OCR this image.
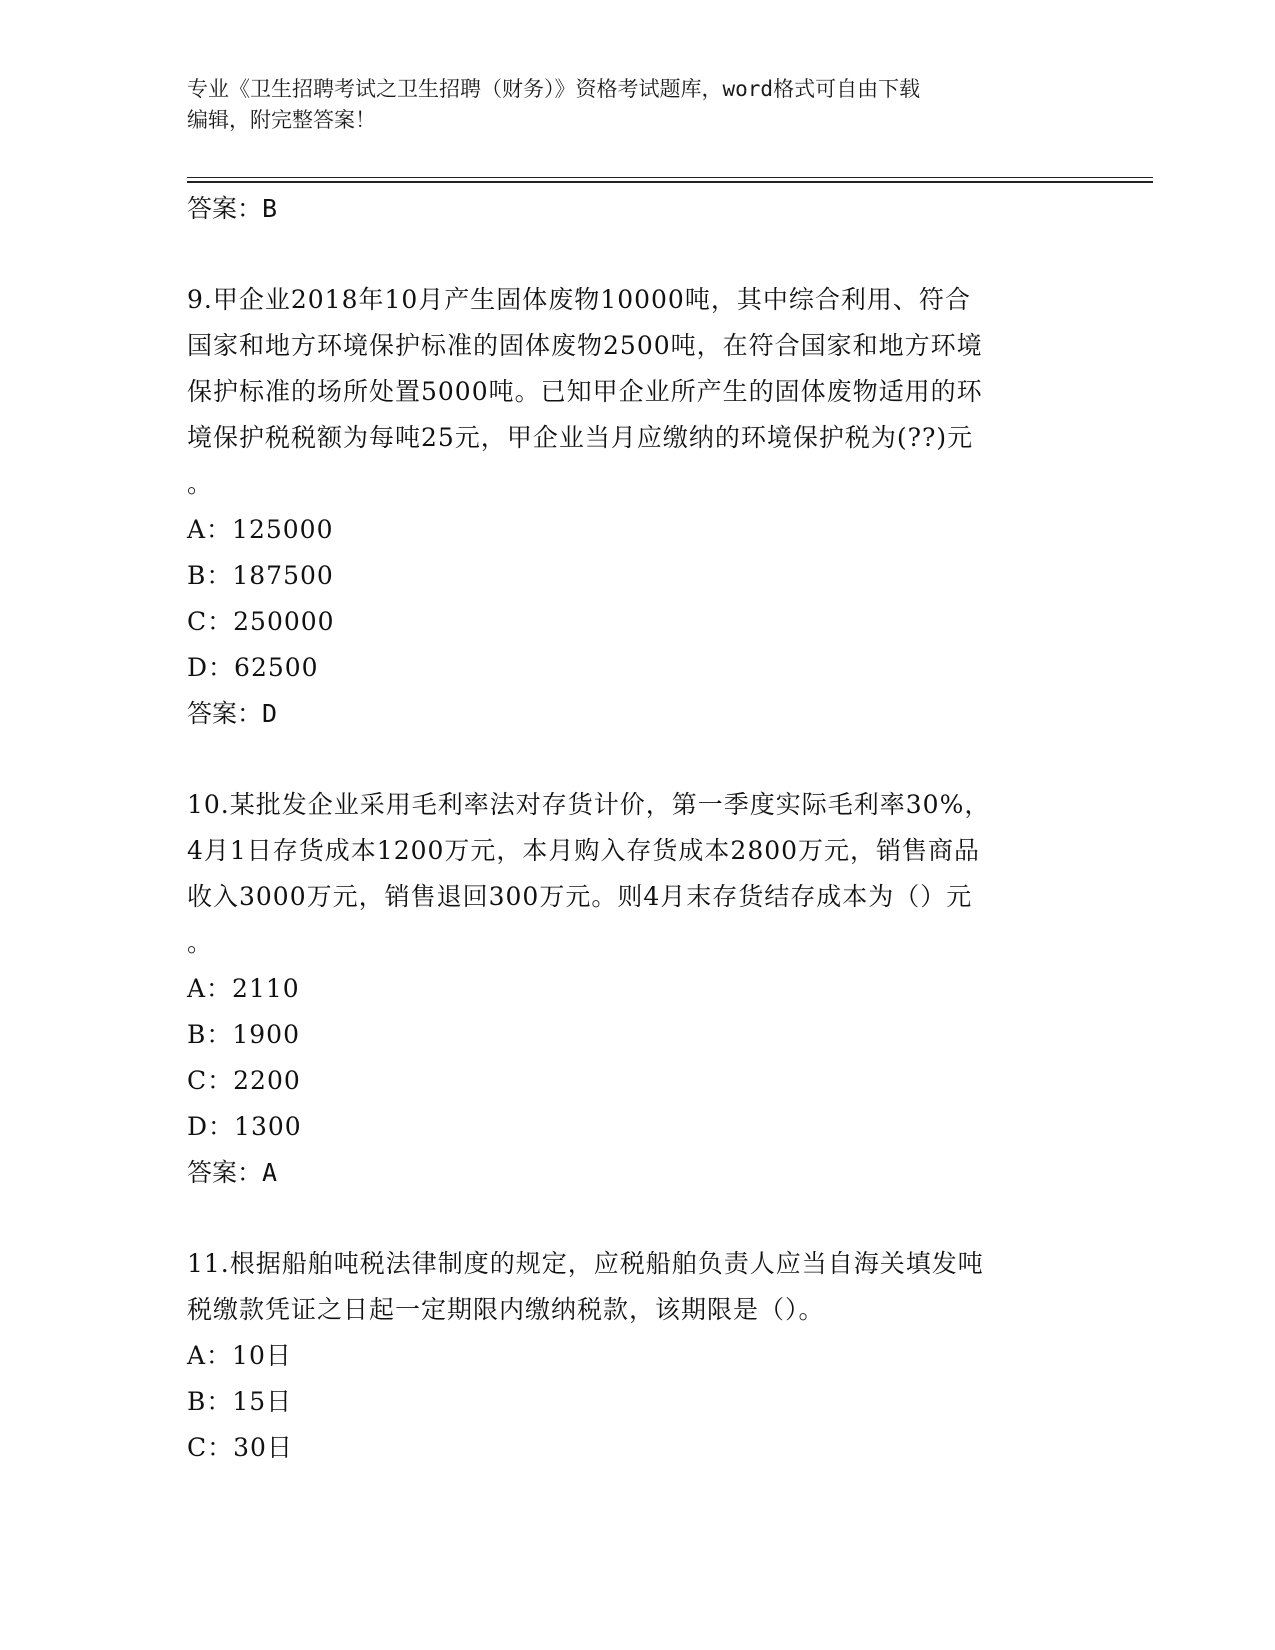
专业《卫生招聘考试之卫生招聘（财务）》资格考试题库，word格式可自由下载
编辑，附完整答案！
答案：B
9.甲企业2018年10月产生固体废物10000吨，其中综合利用、符合
国家和地方环境保护标准的固体废物2500吨，在符合国家和地方环境
保护标准的场所处置5000吨。已知甲企业所产生的固体废物适用的环
境保护税税额为每吨25元，甲企业当月应缴纳的环境保护税为(??)元
。
A：125000
B：187500
C：250000
D：62500
答案：D
10.某批发企业采用毛利率法对存货计价，第一季度实际毛利率30%，
4月1日存货成本1200万元，本月购入存货成本2800万元，销售商品
收入3000万元，销售退回300万元。则4月末存货结存成本为（）元
。
A：2110
B：1900
C：2200
D：1300
答案：A
11.根据船舶吨税法律制度的规定，应税船舶负责人应当自海关填发吨
税缴款凭证之日起一定期限内缴纳税款，该期限是（）。
A：10日
B：15日
C：30日
